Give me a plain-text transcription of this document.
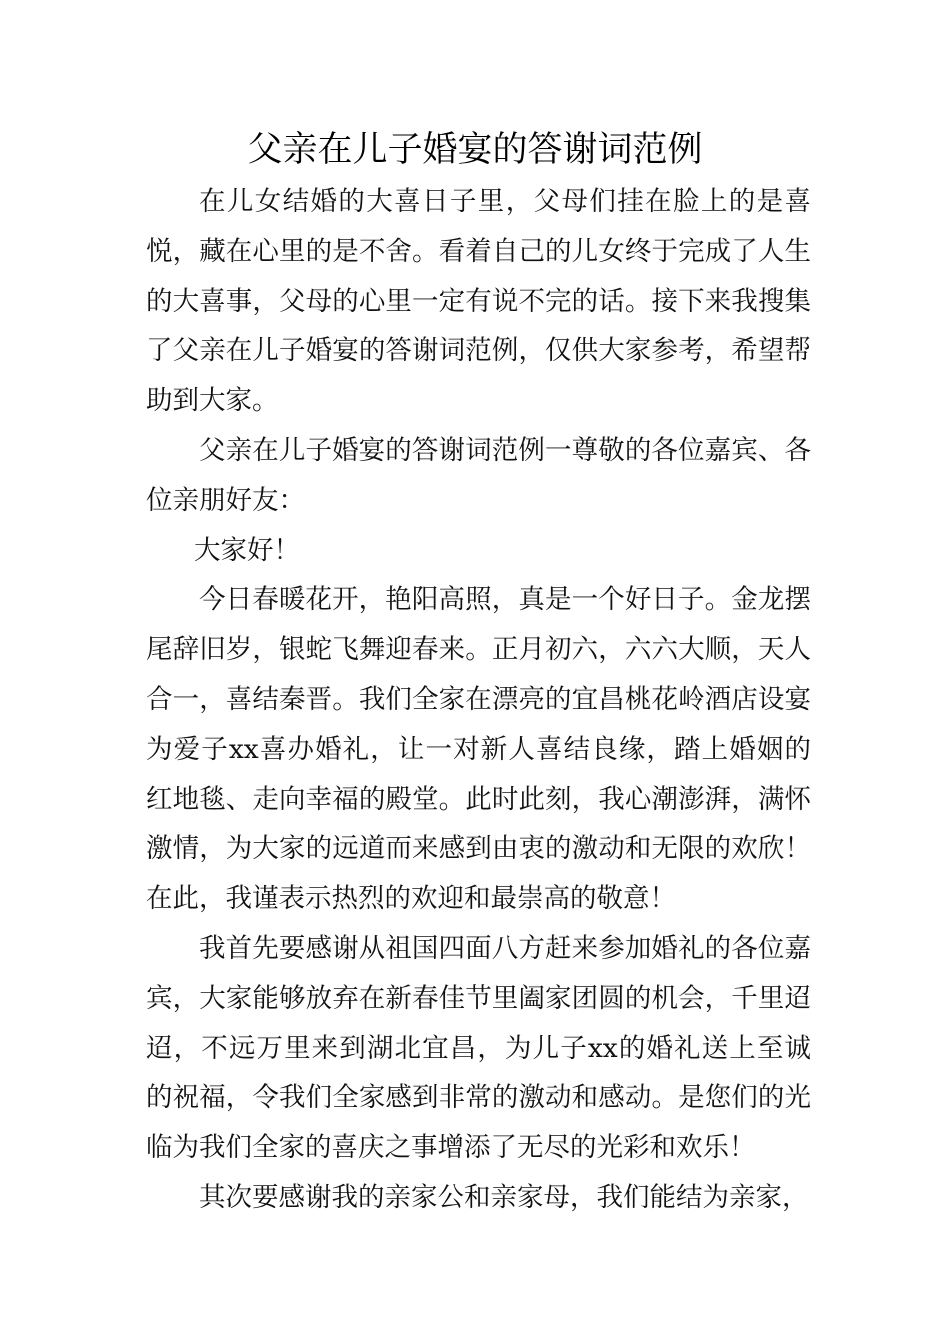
父亲在儿子婚宴的答谢词范例

在儿女结婚的大喜日子里，父母们挂在脸上的是喜悦，藏在心里的是不舍。看着自己的儿女终于完成了人生的大喜事，父母的心里一定有说不完的话。接下来我搜集了父亲在儿子婚宴的答谢词范例，仅供大家参考，希望帮助到大家。

父亲在儿子婚宴的答谢词范例一尊敬的各位嘉宾、各位亲朋好友：

大家好！

今日春暖花开，艳阳高照，真是一个好日子。金龙摆尾辞旧岁，银蛇飞舞迎春来。正月初六，六六大顺，天人合一，喜结秦晋。我们全家在漂亮的宜昌桃花岭酒店设宴为爱子xx喜办婚礼，让一对新人喜结良缘，踏上婚姻的红地毯、走向幸福的殿堂。此时此刻，我心潮澎湃，满怀激情，为大家的远道而来感到由衷的激动和无限的欢欣！在此，我谨表示热烈的欢迎和最崇高的敬意！

我首先要感谢从祖国四面八方赶来参加婚礼的各位嘉宾，大家能够放弃在新春佳节里阖家团圆的机会，千里迢迢，不远万里来到湖北宜昌，为儿子xx的婚礼送上至诚的祝福，令我们全家感到非常的激动和感动。是您们的光临为我们全家的喜庆之事增添了无尽的光彩和欢乐！

其次要感谢我的亲家公和亲家母，我们能结为亲家，
